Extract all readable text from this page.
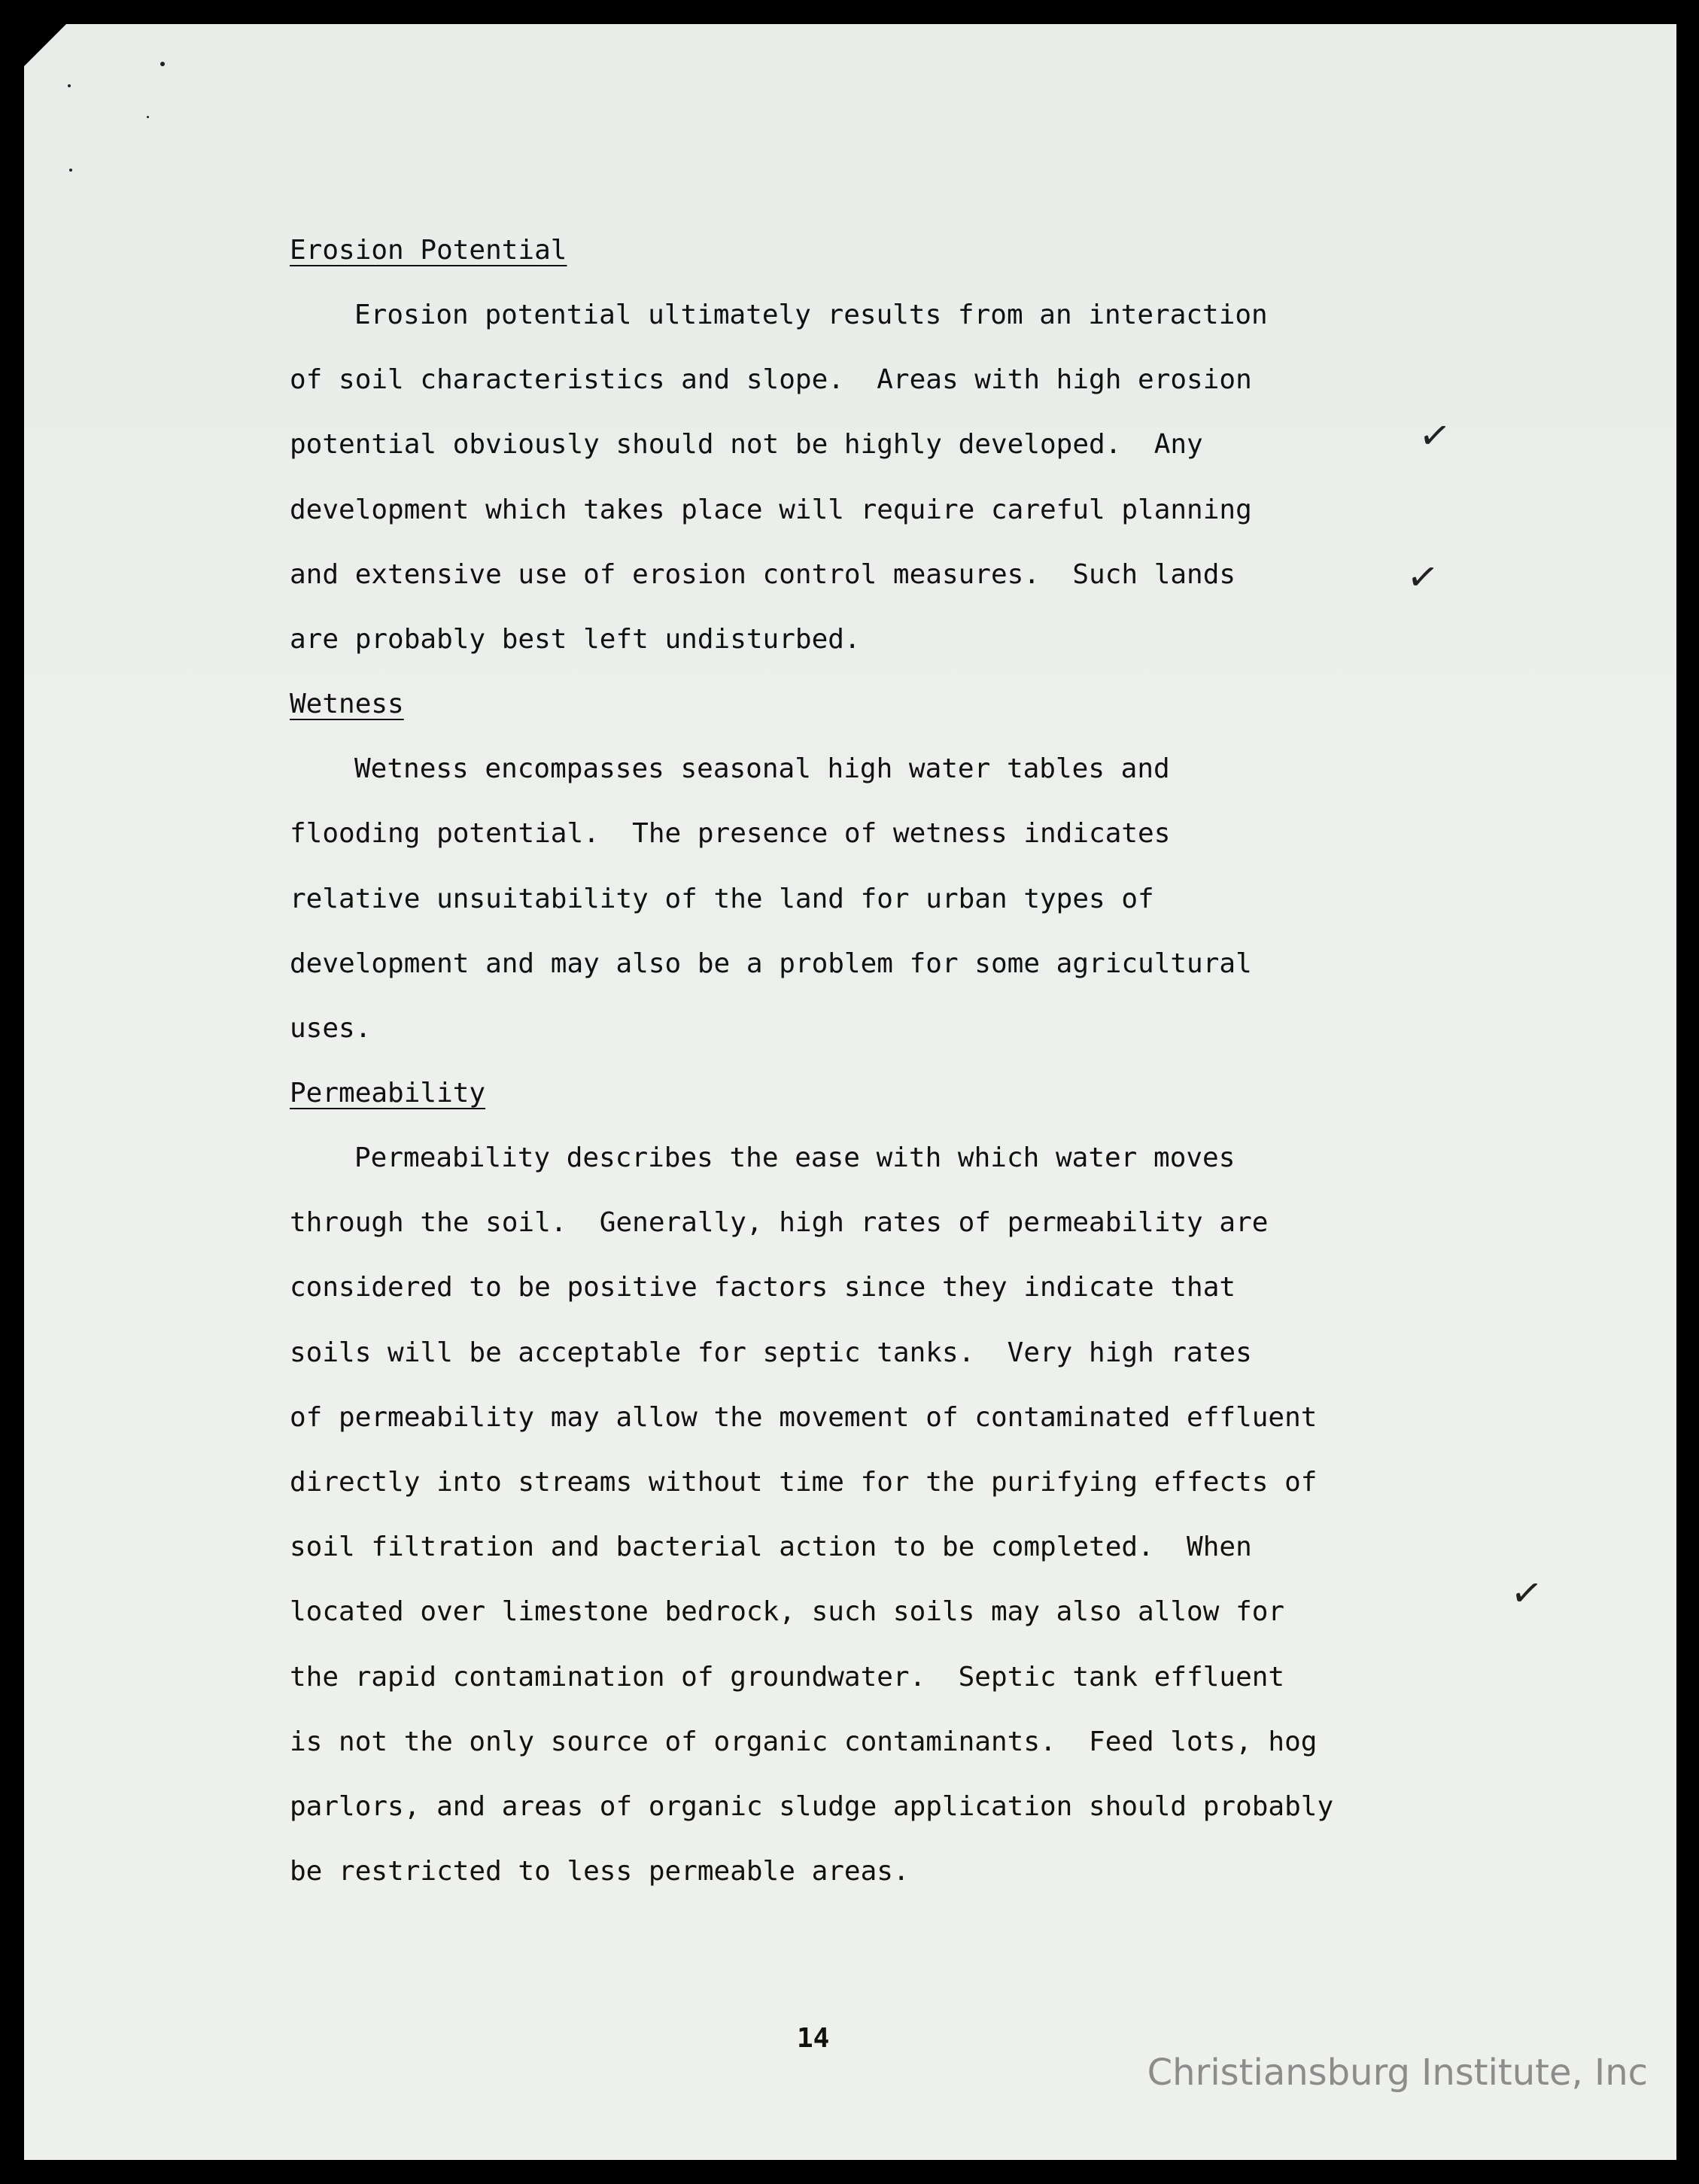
Erosion Potential
Erosion potential ultimately results from an interaction
of soil characteristics and slope.  Areas with high erosion
potential obviously should not be highly developed.  Any
development which takes place will require careful planning
and extensive use of erosion control measures.  Such lands
are probably best left undisturbed.
Wetness
Wetness encompasses seasonal high water tables and
flooding potential.  The presence of wetness indicates
relative unsuitability of the land for urban types of
development and may also be a problem for some agricultural
uses.
Permeability
Permeability describes the ease with which water moves
through the soil.  Generally, high rates of permeability are
considered to be positive factors since they indicate that
soils will be acceptable for septic tanks.  Very high rates
of permeability may allow the movement of contaminated effluent
directly into streams without time for the purifying effects of
soil filtration and bacterial action to be completed.  When
located over limestone bedrock, such soils may also allow for
the rapid contamination of groundwater.  Septic tank effluent
is not the only source of organic contaminants.  Feed lots, hog
parlors, and areas of organic sludge application should probably
be restricted to less permeable areas.
✓
✓
✓
14
Christiansburg Institute, Inc
